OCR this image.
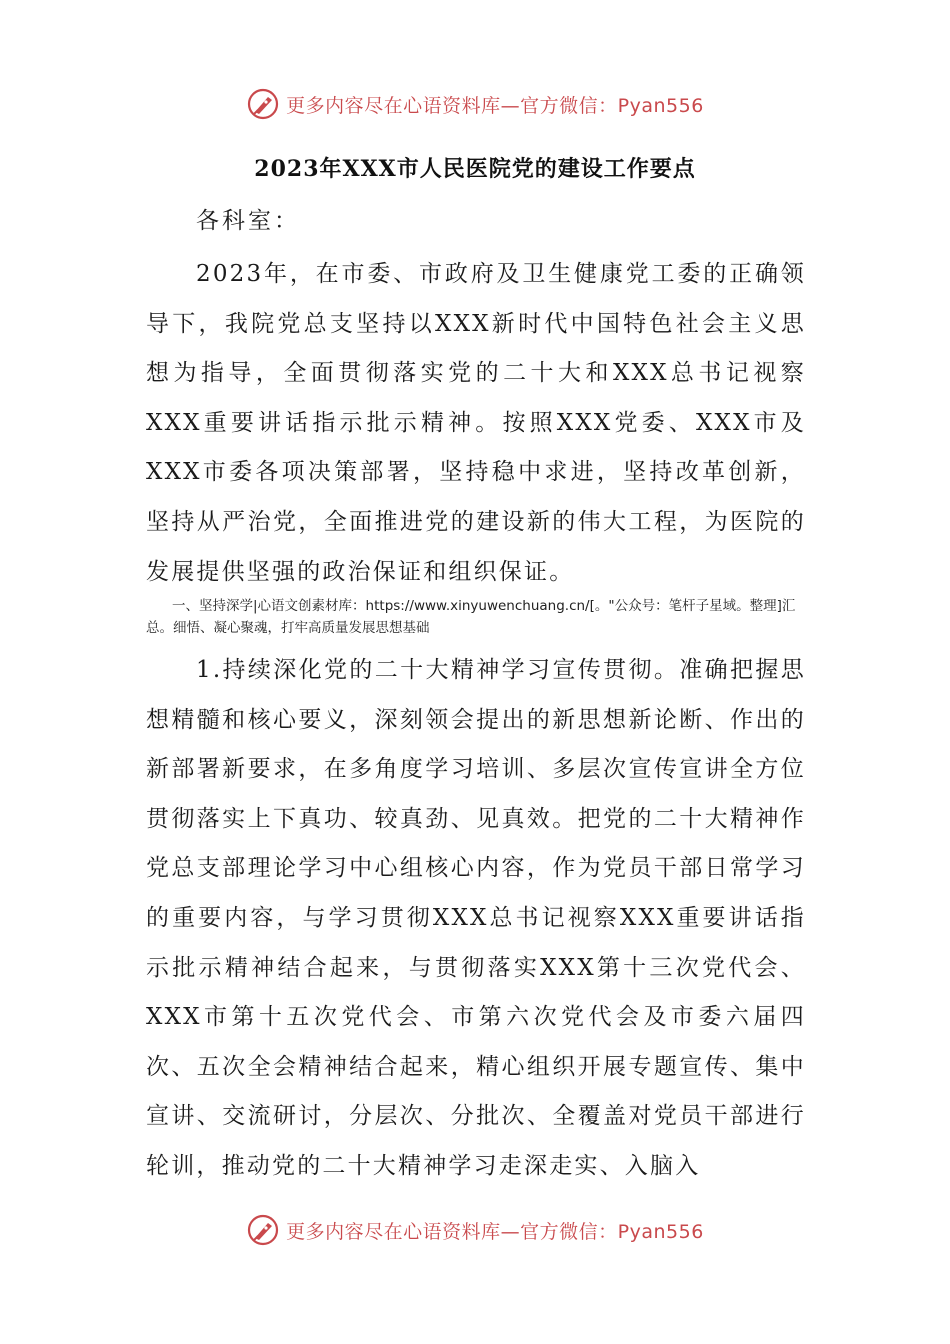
更多内容尽在心语资料库—官方微信：Pyan556
2023年XXX市人民医院党的建设工作要点
各科室：

2023年，在市委、市政府及卫生健康党工委的正确领导下，我院党总支坚持以XXX新时代中国特色社会主义思想为指导，全面贯彻落实党的二十大和XXX总书记视察XXX重要讲话指示批示精神。按照XXX党委、XXX市及XXX市委各项决策部署，坚持稳中求进，坚持改革创新，坚持从严治党，全面推进党的建设新的伟大工程，为医院的发展提供坚强的政治保证和组织保证。

一、坚持深学|心语文创素材库：https://www.xinyuwenchuang.cn/[。"公众号：笔杆子星域。整理]汇总。细悟、凝心聚魂，打牢高质量发展思想基础

1.持续深化党的二十大精神学习宣传贯彻。准确把握思想精髓和核心要义，深刻领会提出的新思想新论断、作出的新部署新要求，在多角度学习培训、多层次宣传宣讲全方位贯彻落实上下真功、较真劲、见真效。把党的二十大精神作党总支部理论学习中心组核心内容，作为党员干部日常学习的重要内容，与学习贯彻XXX总书记视察XXX重要讲话指示批示精神结合起来，与贯彻落实XXX第十三次党代会、XXX市第十五次党代会、市第六次党代会及市委六届四次、五次全会精神结合起来，精心组织开展专题宣传、集中宣讲、交流研讨，分层次、分批次、全覆盖对党员干部进行轮训，推动党的二十大精神学习走深走实、入脑入

更多内容尽在心语资料库—官方微信：Pyan556
